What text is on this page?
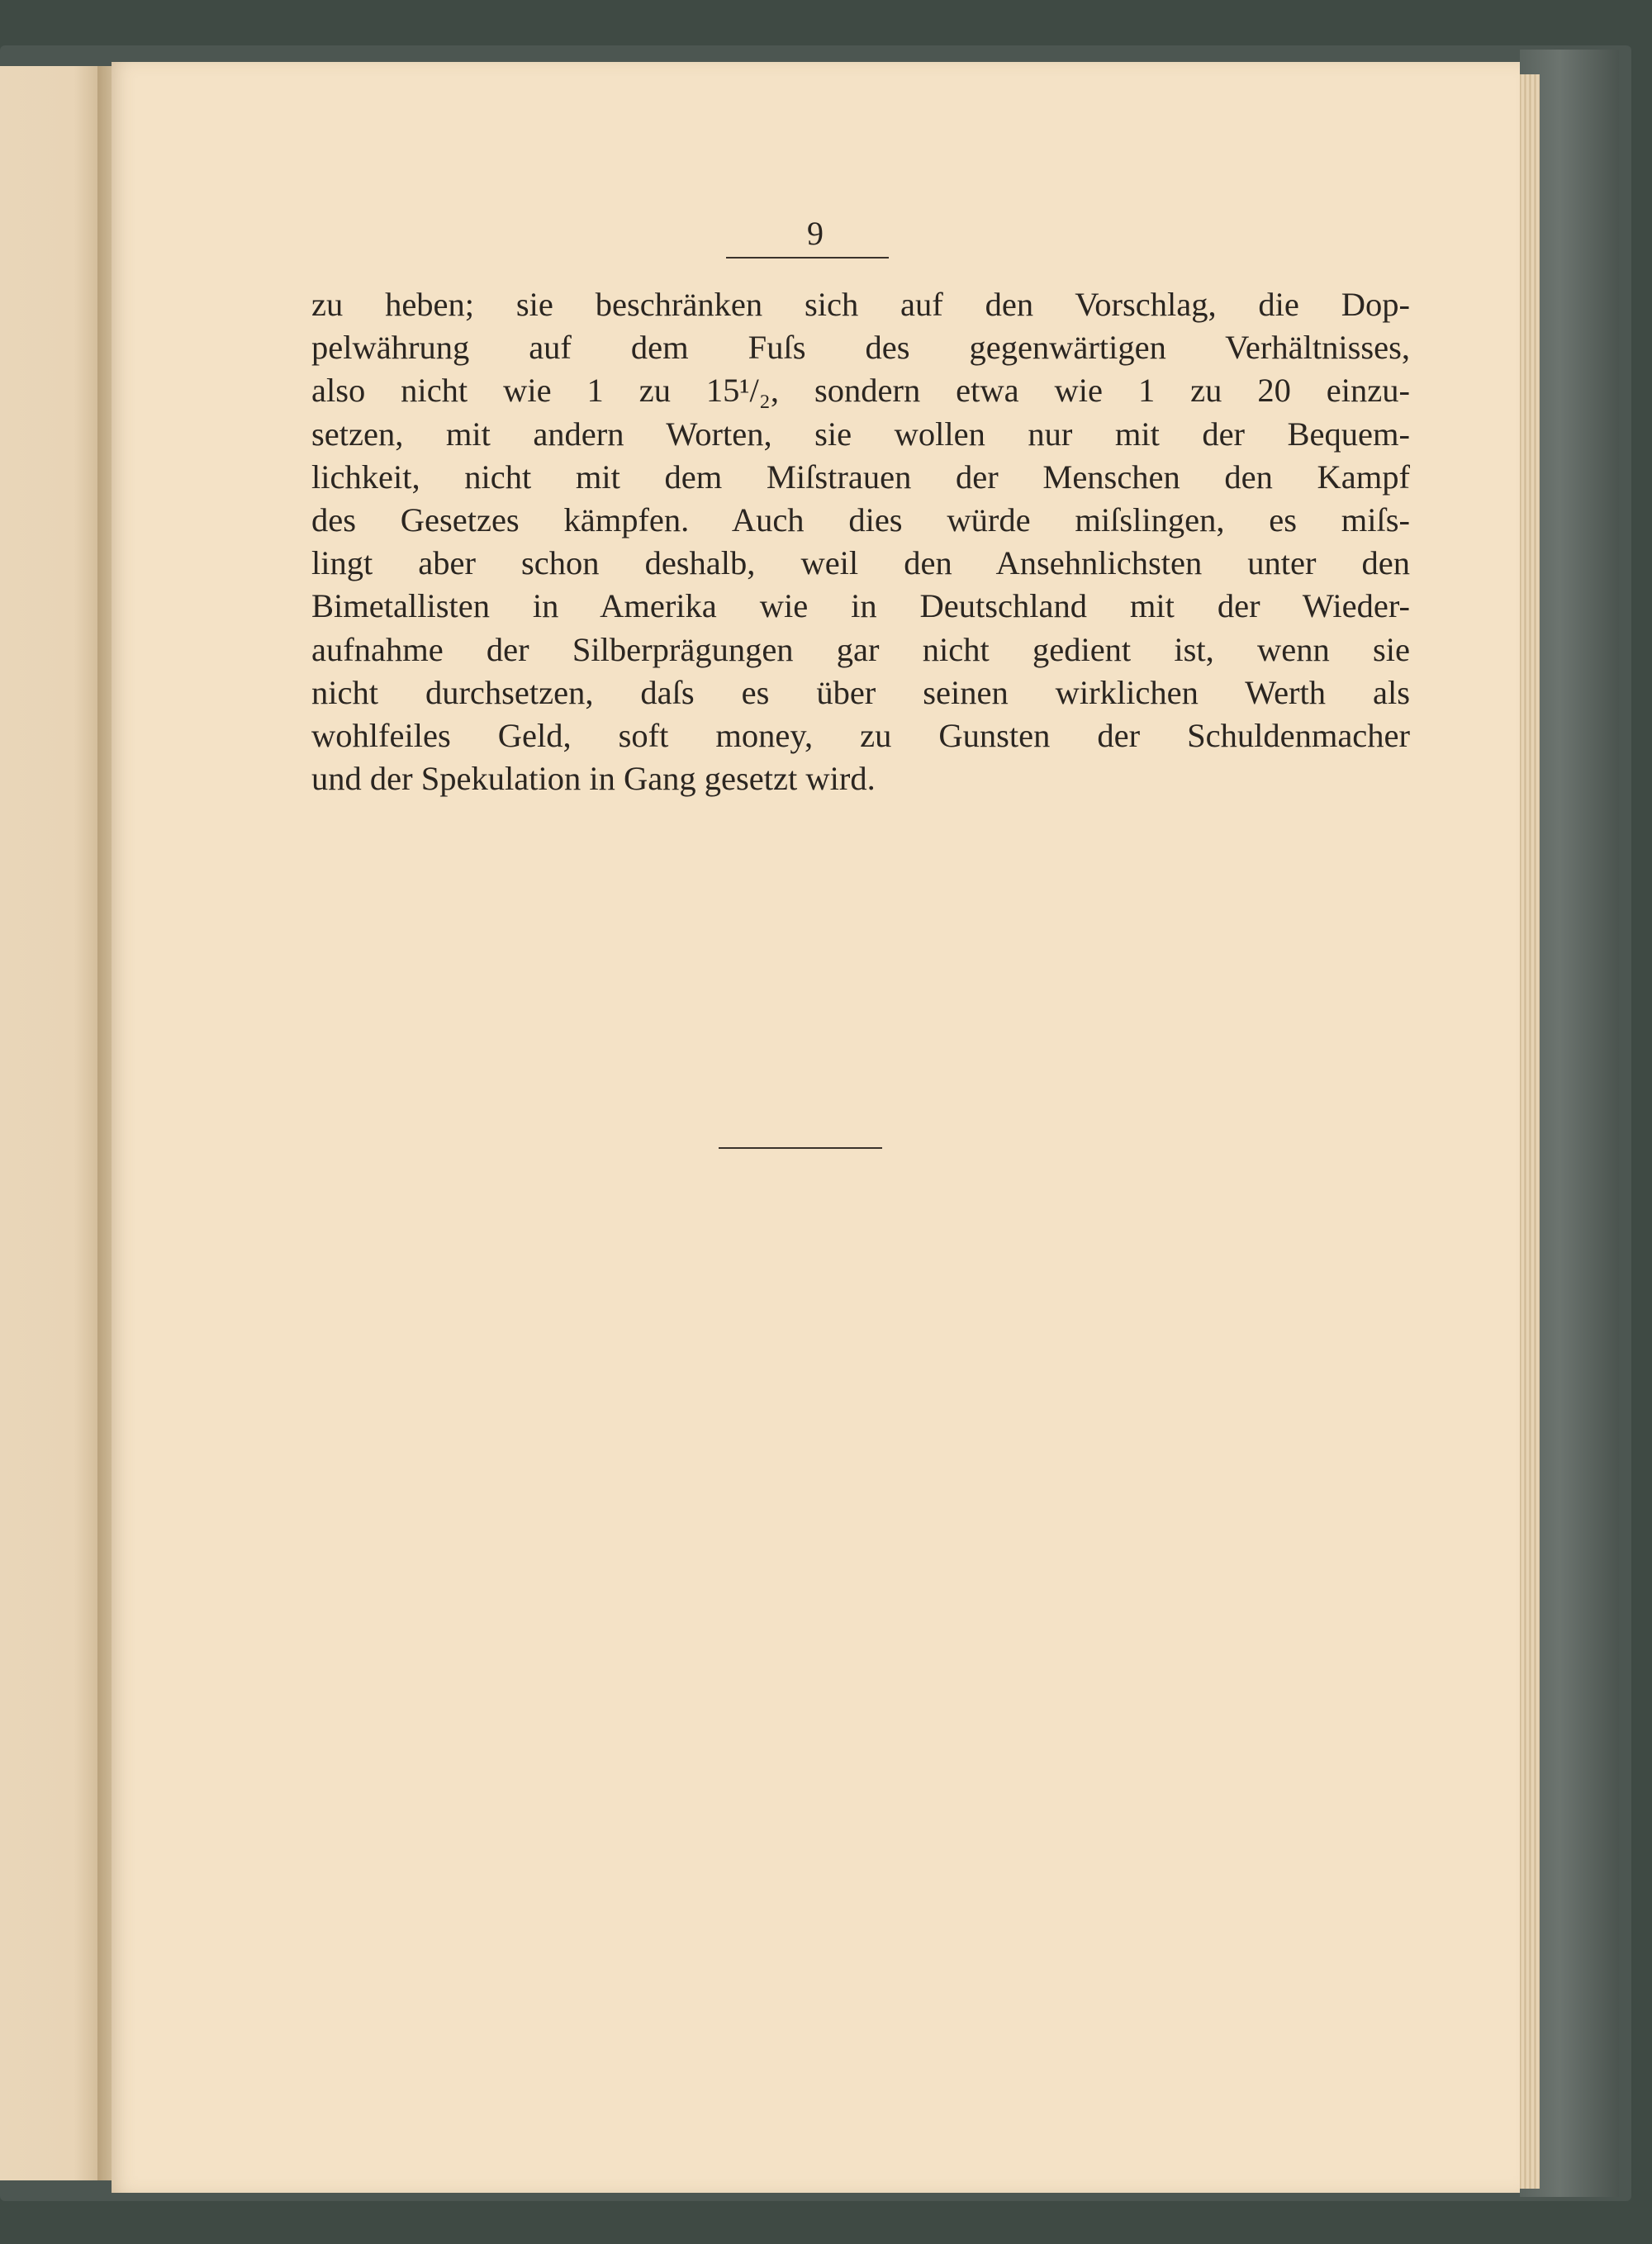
9
zu heben; sie beschränken sich auf den Vorschlag, die Dop-
pelwährung auf dem Fuſs des gegenwärtigen Verhältnisses,
also nicht wie 1 zu 15¹/₂, sondern etwa wie 1 zu 20 einzu-
setzen, mit andern Worten, sie wollen nur mit der Bequem-
lichkeit, nicht mit dem Miſstrauen der Menschen den Kampf
des Gesetzes kämpfen. Auch dies würde miſslingen, es miſs-
lingt aber schon deshalb, weil den Ansehnlichsten unter den
Bimetallisten in Amerika wie in Deutschland mit der Wieder-
aufnahme der Silberprägungen gar nicht gedient ist, wenn sie
nicht durchsetzen, daſs es über seinen wirklichen Werth als
wohlfeiles Geld, soft money, zu Gunsten der Schuldenmacher
und der Spekulation in Gang gesetzt wird.
